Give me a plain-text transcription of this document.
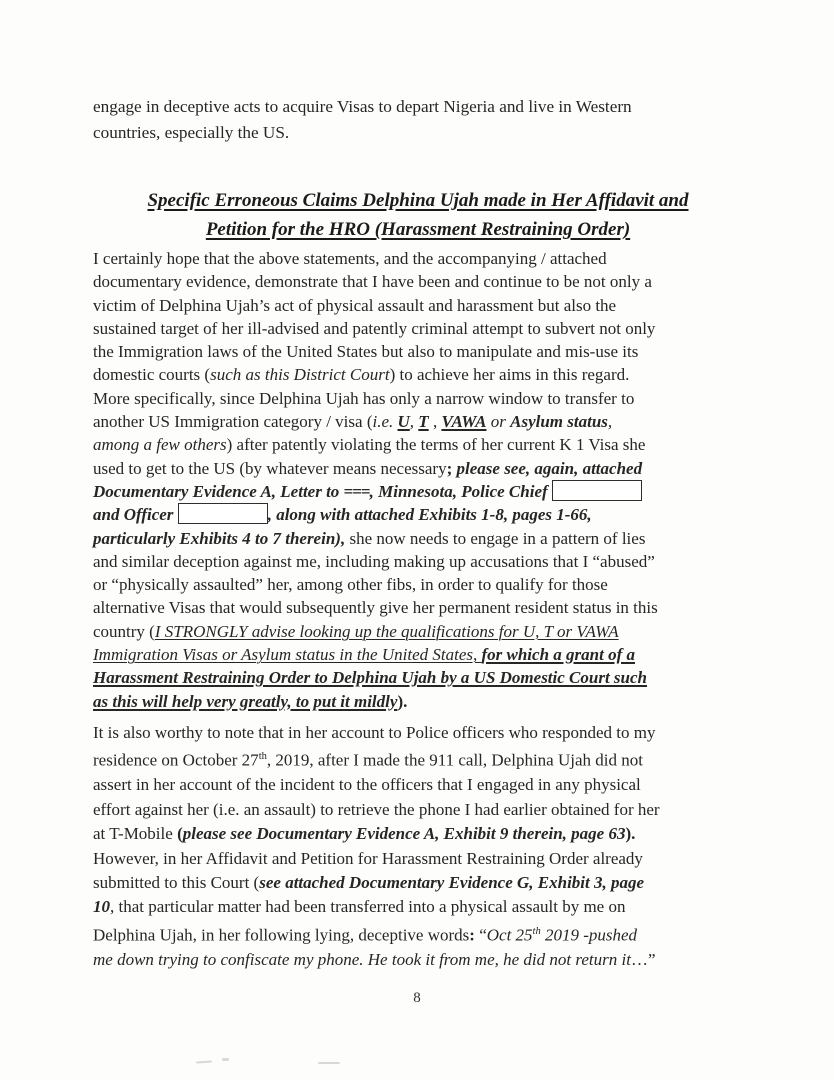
engage in deceptive acts to acquire Visas to depart Nigeria and live in Western
countries, especially the US.
Specific Erroneous Claims Delphina Ujah made in Her Affidavit and
Petition for the HRO (Harassment Restraining Order)
I certainly hope that the above statements, and the accompanying / attached
documentary evidence, demonstrate that I have been and continue to be not only a
victim of Delphina Ujah’s act of physical assault and harassment but also the
sustained target of her ill-advised and patently criminal attempt to subvert not only
the Immigration laws of the United States but also to manipulate and mis-use its
domestic courts (such as this District Court) to achieve her aims in this regard.
More specifically, since Delphina Ujah has only a narrow window to transfer to
another US Immigration category / visa (i.e. U, T , VAWA or Asylum status,
among a few others) after patently violating the terms of her current K 1 Visa she
used to get to the US (by whatever means necessary; please see, again, attached
Documentary Evidence A, Letter to ===, Minnesota, Police Chief
and Officer	, along with attached Exhibits 1-8, pages 1-66,
particularly Exhibits 4 to 7 therein), she now needs to engage in a pattern of lies
and similar deception against me, including making up accusations that I “abused”
or “physically assaulted” her, among other fibs, in order to qualify for those
alternative Visas that would subsequently give her permanent resident status in this
country (I STRONGLY advise looking up the qualifications for U, T or VAWA
Immigration Visas or Asylum status in the United States, for which a grant of a
Harassment Restraining Order to Delphina Ujah by a US Domestic Court such
as this will help very greatly, to put it mildly).
It is also worthy to note that in her account to Police officers who responded to my
residence on October 27th, 2019, after I made the 911 call, Delphina Ujah did not
assert in her account of the incident to the officers that I engaged in any physical
effort against her (i.e. an assault) to retrieve the phone I had earlier obtained for her
at T-Mobile (please see Documentary Evidence A, Exhibit 9 therein, page 63).
However, in her Affidavit and Petition for Harassment Restraining Order already
submitted to this Court (see attached Documentary Evidence G, Exhibit 3, page
10, that particular matter had been transferred into a physical assault by me on
Delphina Ujah, in her following lying, deceptive words: “Oct 25th 2019 -pushed
me down trying to confiscate my phone. He took it from me, he did not return it…”
8
